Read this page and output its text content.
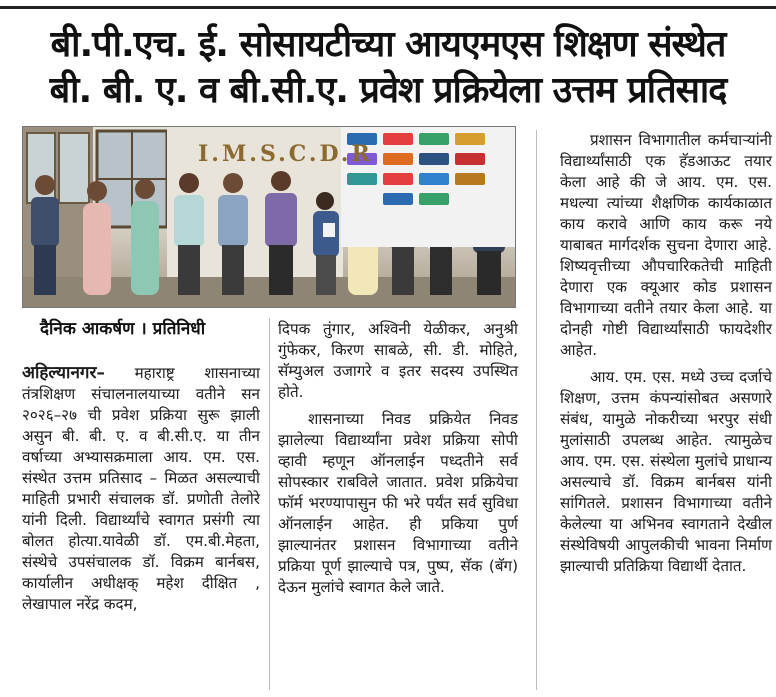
बी.पी.एच. ई. सोसायटीच्या आयएमएस शिक्षण संस्थेत
बी. बी. ए. व बी.सी.ए. प्रवेश प्रक्रियेला उत्तम प्रतिसाद
I.M.S.C.D.R
दैनिक आकर्षण । प्रतिनिधी

अहिल्यानगर– महाराष्ट्र शासनाच्या तंत्रशिक्षण संचालनालयाच्या वतीने सन २०२६–२७ ची प्रवेश प्रक्रिया सुरू झाली असुन बी. बी. ए. व बी.सी.ए. या तीन वर्षाच्या अभ्यासक्रमाला आय. एम. एस. संस्थेत उत्तम प्रतिसाद – मिळत असल्याची माहिती प्रभारी संचालक डॉ. प्रणोती तेलोरे यांनी दिली. विद्यार्थ्यांचे स्वागत प्रसंगी त्या बोलत होत्या.यावेळी डॉ. एम.बी.मेहता, संस्थेचे उपसंचालक डॉ. विक्रम बार्नबस, कार्यालीन अधीक्षक् महेश दीक्षित , लेखापाल नरेंद्र कदम,

दिपक तुंगार, अश्विनी येळीकर, अनुश्री गुंफेकर, किरण साबळे, सी. डी. मोहिते, सॅम्युअल उजागरे व इतर सदस्य उपस्थित होते.

शासनाच्या निवड प्रक्रियेत निवड झालेल्या विद्यार्थ्यांना प्रवेश प्रक्रिया सोपी व्हावी म्हणून ऑनलाईन पध्दतीने सर्व सोपस्कार राबविले जातात. प्रवेश प्रक्रियेचा फॉर्म भरण्यापासुन फी भरे पर्यंत सर्व सुविधा ऑनलाईन आहेत. ही प्रकिया पुर्ण झाल्यानंतर प्रशासन विभागाच्या वतीने प्रक्रिया पूर्ण झाल्याचे पत्र, पुष्प, सॅक (बॅग) देऊन मुलांचे स्वागत केले जाते.

प्रशासन विभागातील कर्मचाऱ्यांनी विद्यार्थ्यांसाठी एक हॅडआऊट तयार केला आहे की जे आय. एम. एस. मधल्या त्यांच्या शैक्षणिक कार्यकाळात काय करावे आणि काय करू नये याबाबत मार्गदर्शक सुचना देणारा आहे. शिष्यवृत्तीच्या औपचारिकतेची माहिती देणारा एक क्यूआर कोड प्रशासन विभागाच्या वतीने तयार केला आहे. या दोनही गोष्टी विद्यार्थ्यांसाठी फायदेशीर आहेत.

आय. एम. एस. मध्ये उच्च दर्जाचे शिक्षण, उत्तम कंपन्यांसोबत असणारे संबंध, यामुळे नोकरीच्या भरपुर संधी मुलांसाठी उपलब्ध आहेत. त्यामुळेच आय. एम. एस. संस्थेला मुलांचे प्राधान्य असल्याचे डॉ. विक्रम बार्नबस यांनी सांगितले. प्रशासन विभागाच्या वतीने केलेल्या या अभिनव स्वागताने देखील संस्थेविषयी आपुलकीची भावना निर्माण झाल्याची प्रतिक्रिया विद्यार्थी देतात.
